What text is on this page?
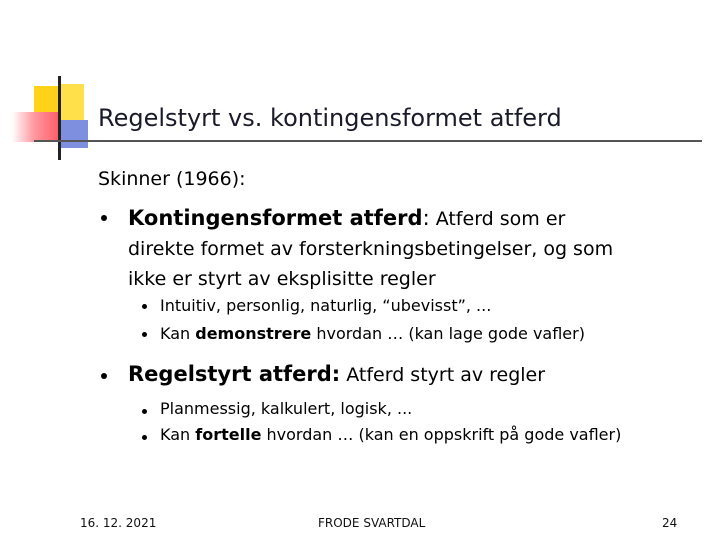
Regelstyrt vs. kontingensformet atferd
Skinner (1966):
Kontingensformet atferd: Atferd som er
direkte formet av forsterkningsbetingelser, og som
ikke er styrt av eksplisitte regler
Intuitiv, personlig, naturlig, “ubevisst”, ...
Kan demonstrere hvordan … (kan lage gode vafler)
Regelstyrt atferd: Atferd styrt av regler
Planmessig, kalkulert, logisk, ...
Kan fortelle hvordan … (kan en oppskrift på gode vafler)
16. 12. 2021	FRODE SVARTDAL	24
